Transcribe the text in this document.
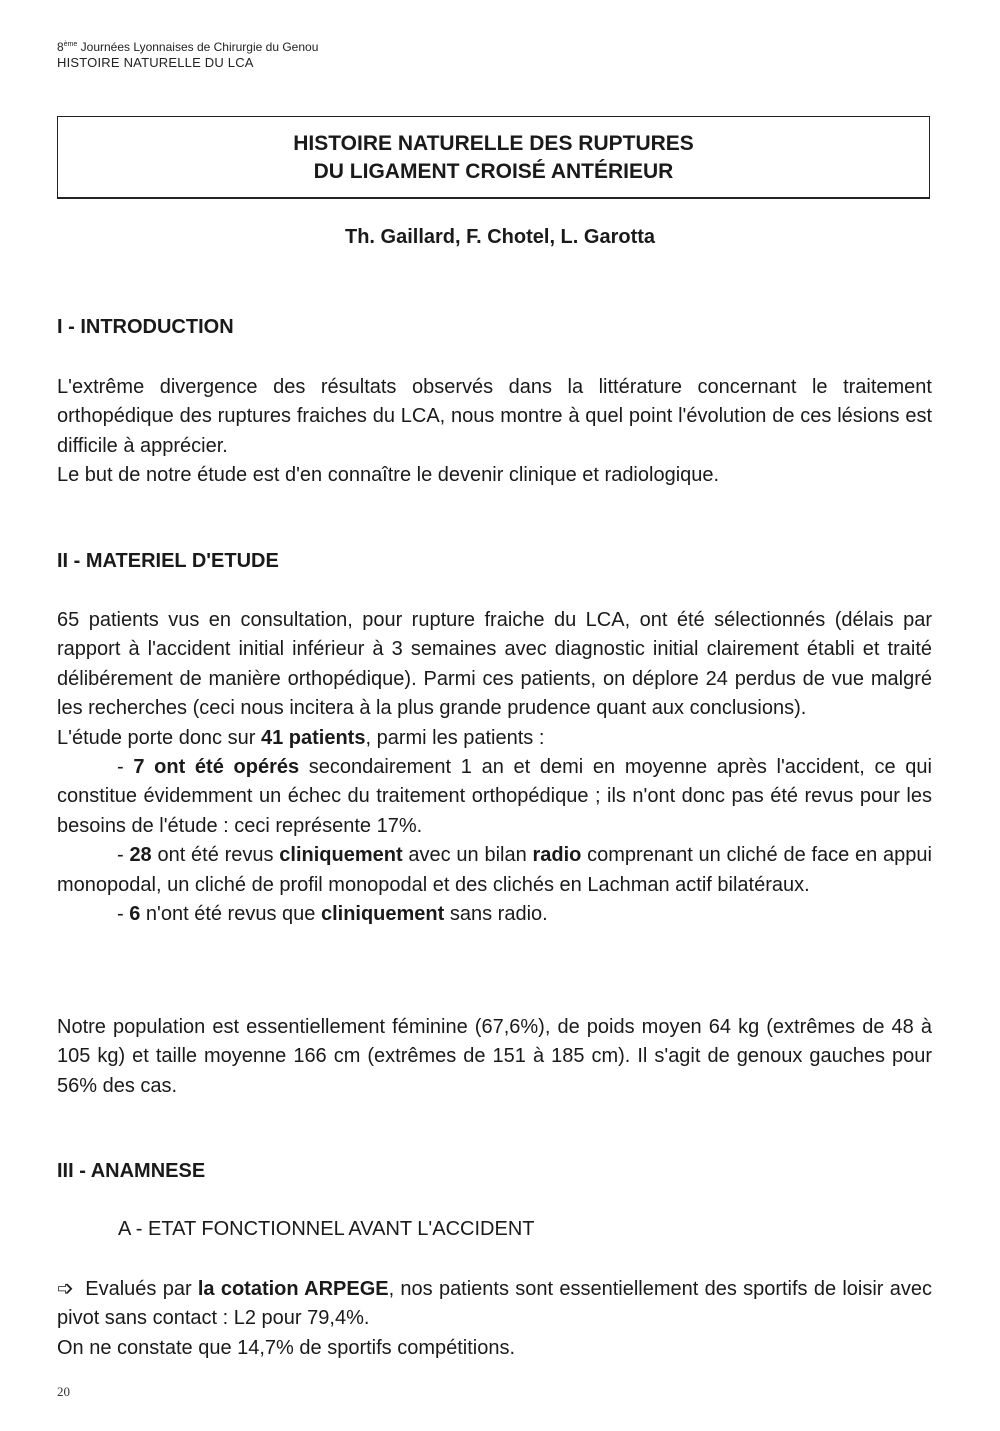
8ème Journées Lyonnaises de Chirurgie du Genou
HISTOIRE NATURELLE DU LCA
HISTOIRE NATURELLE DES RUPTURES
DU LIGAMENT CROISÉ ANTÉRIEUR
Th. Gaillard, F. Chotel, L. Garotta
I - INTRODUCTION

L'extrême divergence des résultats observés dans la littérature concernant le traitement orthopédique des ruptures fraiches du LCA, nous montre à quel point l'évolution de ces lésions est difficile à apprécier.

Le but de notre étude est d'en connaître le devenir clinique et radiologique.

II - MATERIEL D'ETUDE

65 patients vus en consultation, pour rupture fraiche du LCA, ont été sélectionnés (délais par rapport à l'accident initial inférieur à 3 semaines avec diagnostic initial clairement établi et traité délibérement de manière orthopédique). Parmi ces patients, on déplore 24 perdus de vue malgré les recherches (ceci nous incitera à la plus grande prudence quant aux conclusions).

L'étude porte donc sur 41 patients, parmi les patients :

- 7 ont été opérés secondairement 1 an et demi en moyenne après l'accident, ce qui constitue évidemment un échec du traitement orthopédique ; ils n'ont donc pas été revus pour les besoins de l'étude : ceci représente 17%.

- 28 ont été revus cliniquement avec un bilan radio comprenant un cliché de face en appui monopodal, un cliché de profil monopodal et des clichés en Lachman actif bilatéraux.

- 6 n'ont été revus que cliniquement sans radio.

Notre population est essentiellement féminine (67,6%), de poids moyen 64 kg (extrêmes de 48 à 105 kg) et taille moyenne 166 cm (extrêmes de 151 à 185 cm). Il s'agit de genoux gauches pour 56% des cas.

III - ANAMNESE
A - ETAT FONCTIONNEL AVANT L'ACCIDENT

➩ Evalués par la cotation ARPEGE, nos patients sont essentiellement des sportifs de loisir avec pivot sans contact : L2 pour 79,4%.

On ne constate que 14,7% de sportifs compétitions.

20
